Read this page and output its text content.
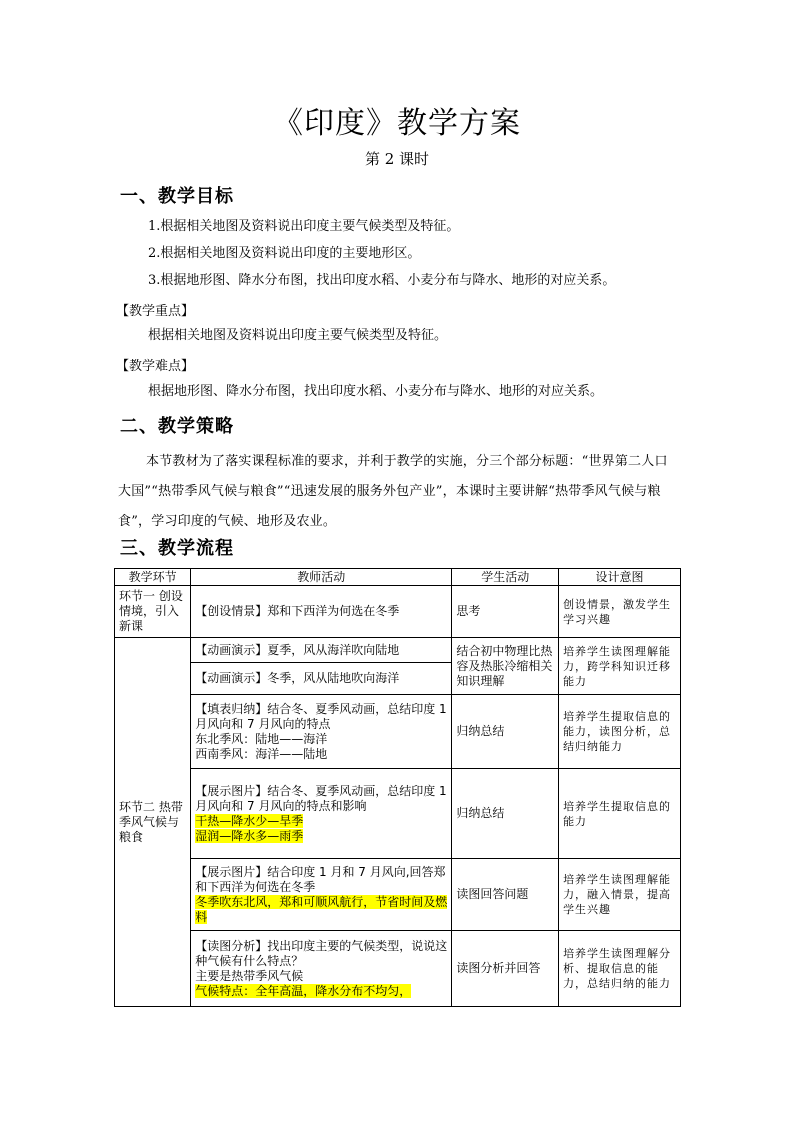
《印度》教学方案
第 2 课时
一、教学目标
1.根据相关地图及资料说出印度主要气候类型及特征。
2.根据相关地图及资料说出印度的主要地形区。
3.根据地形图、降水分布图，找出印度水稻、小麦分布与降水、地形的对应关系。
【教学重点】
根据相关地图及资料说出印度主要气候类型及特征。
【教学难点】
根据地形图、降水分布图，找出印度水稻、小麦分布与降水、地形的对应关系。
二、教学策略
本节教材为了落实课程标准的要求，并利于教学的实施，分三个部分标题：“世界第二人口大国”“热带季风气候与粮食”“迅速发展的服务外包产业”，本课时主要讲解“热带季风气候与粮食”，学习印度的气候、地形及农业。
三、教学流程
教学环节	教师活动	学生活动	设计意图
环节一 创设情境，引入新课	【创设情景】郑和下西洋为何选在冬季	思考	创设情景，激发学生学习兴趣
环节二 热带季风气候与粮食	【动画演示】夏季，风从海洋吹向陆地	结合初中物理比热容及热胀冷缩相关知识理解	培养学生读图理解能力，跨学科知识迁移能力
	【动画演示】冬季，风从陆地吹向海洋		

	【填表归纳】结合冬、夏季风动画，总结印度 1 月风向和 7 月风向的特点
东北季风：陆地——海洋
西南季风：海洋——陆地	归纳总结	培养学生提取信息的能力，读图分析，总结归纳能力

	【展示图片】结合冬、夏季风动画，总结印度 1 月风向和 7 月风向的特点和影响
干热—降水少—旱季
湿润—降水多—雨季	归纳总结	培养学生提取信息的能力

	【展示图片】结合印度 1 月和 7 月风向,回答郑和下西洋为何选在冬季
冬季吹东北风，郑和可顺风航行，节省时间及燃料	读图回答问题	培养学生读图理解能力，融入情景，提高学生兴趣

	【读图分析】找出印度主要的气候类型，说说这种气候有什么特点？
主要是热带季风气候
气候特点：全年高温，降水分布不均匀，	读图分析并回答	培养学生读图理解分析、提取信息的能力，总结归纳的能力
